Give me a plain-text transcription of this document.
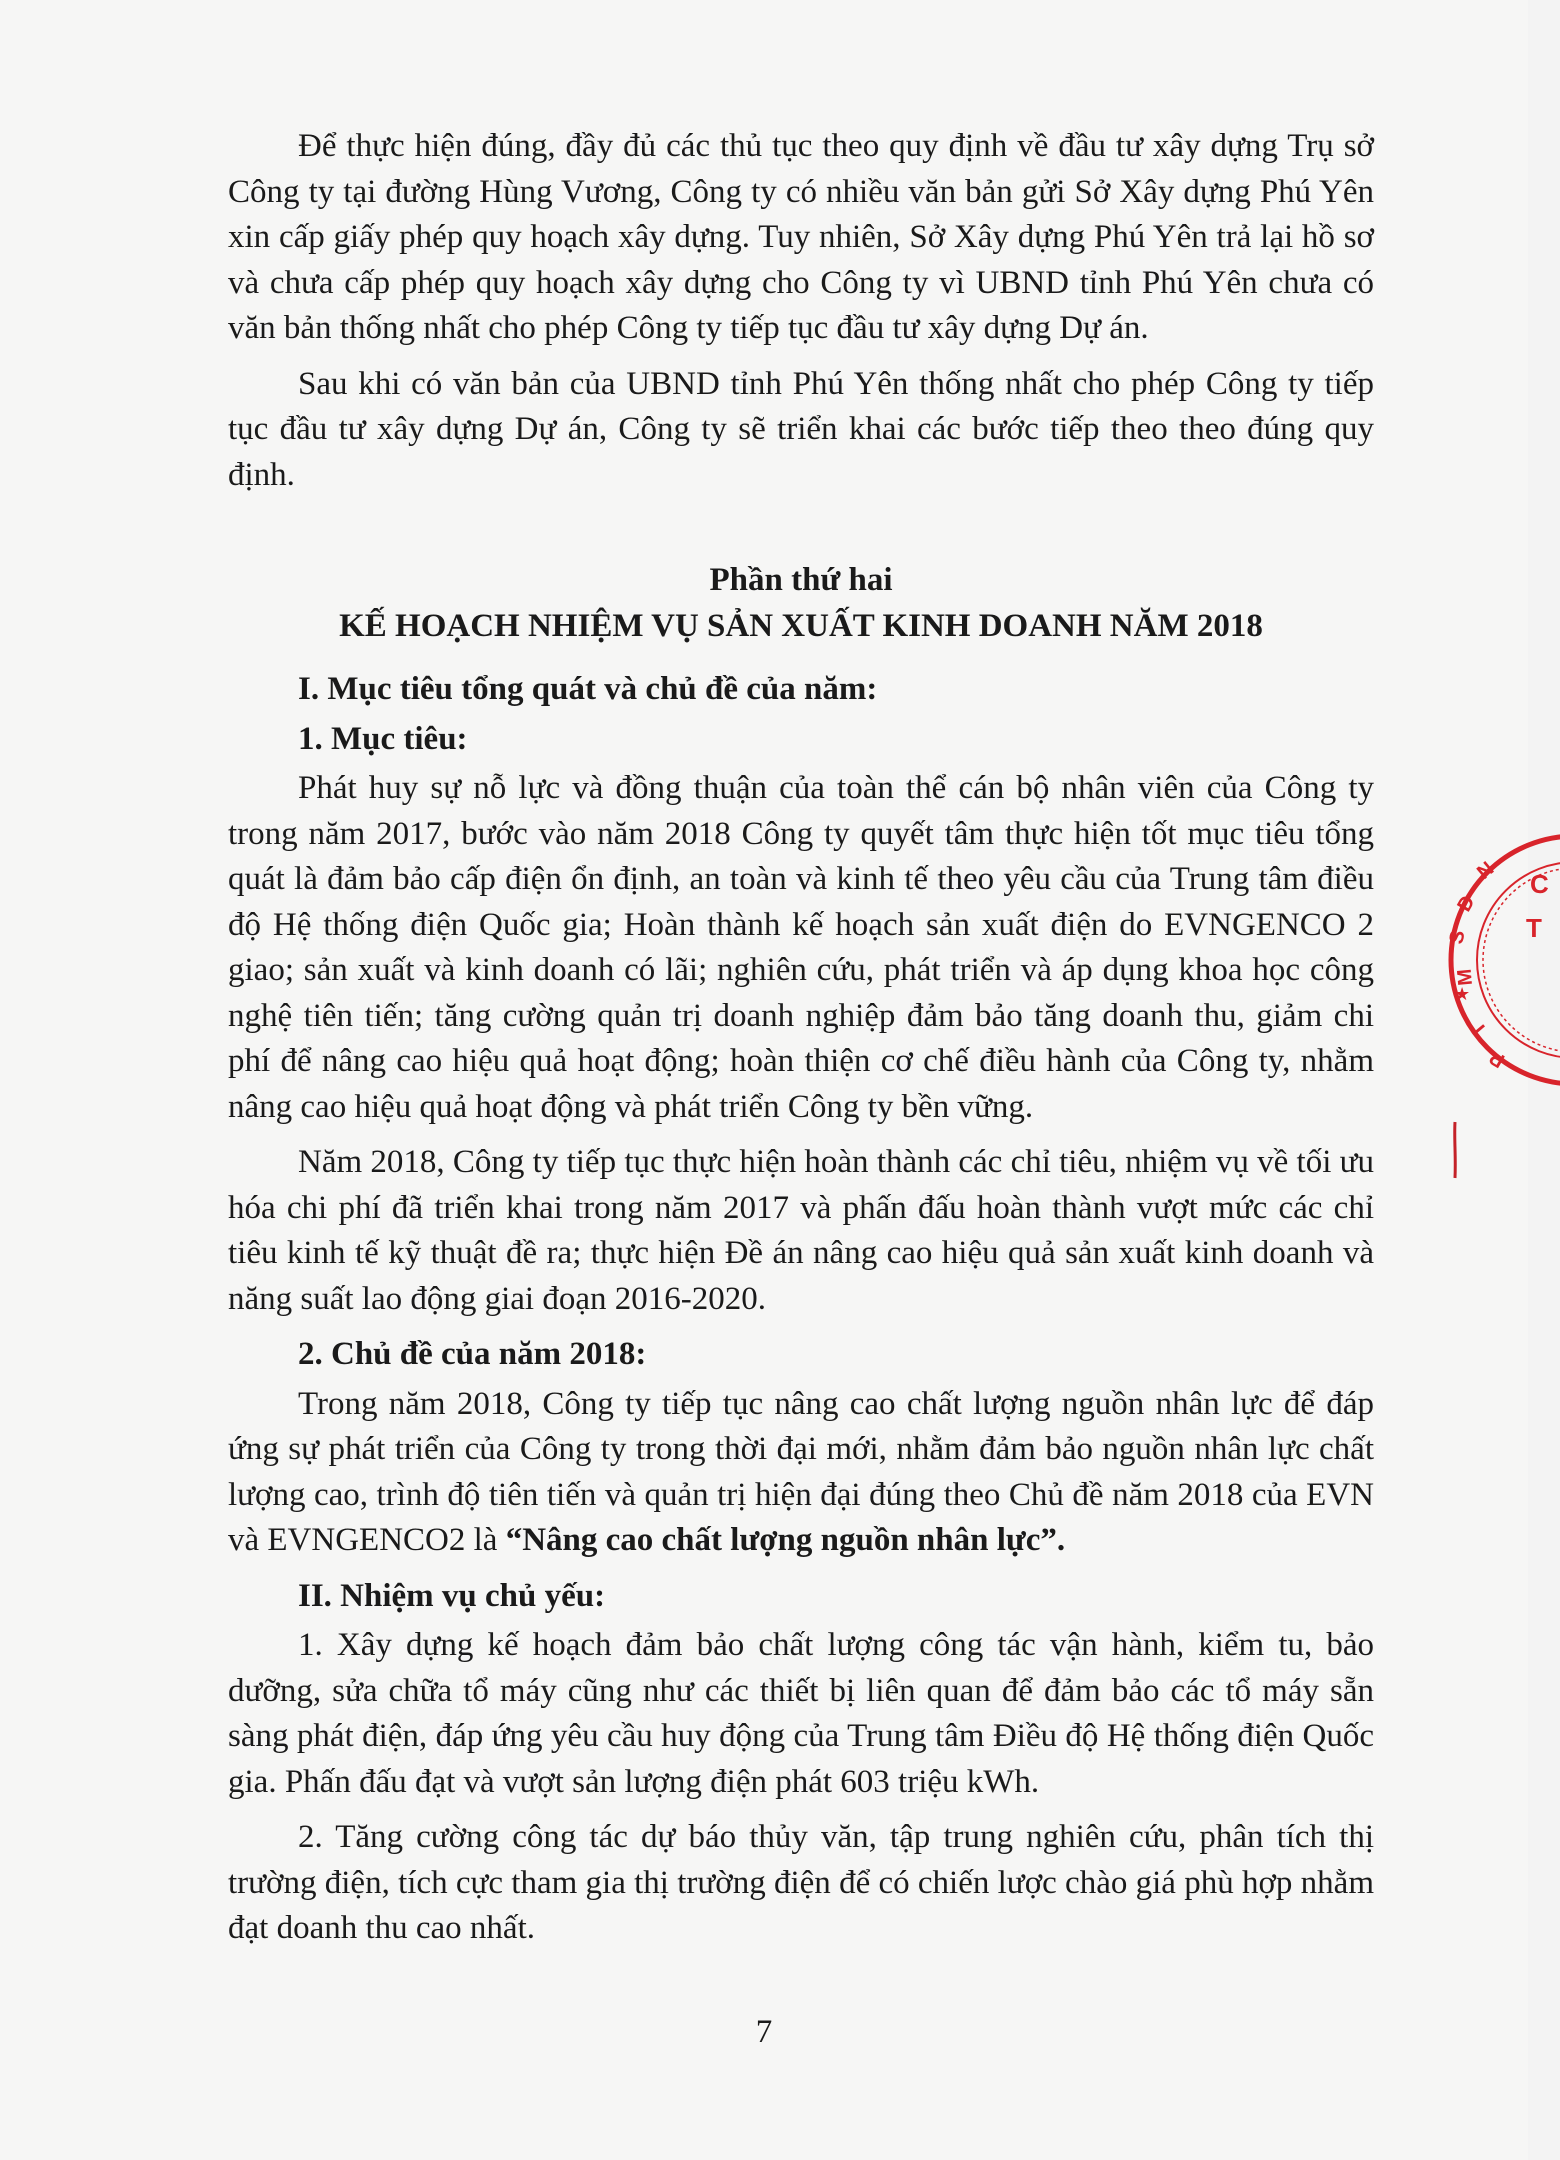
Để thực hiện đúng, đầy đủ các thủ tục theo quy định về đầu tư xây dựng Trụ sở Công ty tại đường Hùng Vương, Công ty có nhiều văn bản gửi Sở Xây dựng Phú Yên xin cấp giấy phép quy hoạch xây dựng. Tuy nhiên, Sở Xây dựng Phú Yên trả lại hồ sơ và chưa cấp phép quy hoạch xây dựng cho Công ty vì UBND tỉnh Phú Yên chưa có văn bản thống nhất cho phép Công ty tiếp tục đầu tư xây dựng Dự án.

Sau khi có văn bản của UBND tỉnh Phú Yên thống nhất cho phép Công ty tiếp tục đầu tư xây dựng Dự án, Công ty sẽ triển khai các bước tiếp theo theo đúng quy định.

Phần thứ hai

KẾ HOẠCH NHIỆM VỤ SẢN XUẤT KINH DOANH NĂM 2018

I. Mục tiêu tổng quát và chủ đề của năm:

1. Mục tiêu:

Phát huy sự nỗ lực và đồng thuận của toàn thể cán bộ nhân viên của Công ty trong năm 2017, bước vào năm 2018 Công ty quyết tâm thực hiện tốt mục tiêu tổng quát là đảm bảo cấp điện ổn định, an toàn và kinh tế theo yêu cầu của Trung tâm điều độ Hệ thống điện Quốc gia; Hoàn thành kế hoạch sản xuất điện do EVNGENCO 2 giao; sản xuất và kinh doanh có lãi; nghiên cứu, phát triển và áp dụng khoa học công nghệ tiên tiến; tăng cường quản trị doanh nghiệp đảm bảo tăng doanh thu, giảm chi phí để nâng cao hiệu quả hoạt động; hoàn thiện cơ chế điều hành của Công ty, nhằm nâng cao hiệu quả hoạt động và phát triển Công ty bền vững.

Năm 2018, Công ty tiếp tục thực hiện hoàn thành các chỉ tiêu, nhiệm vụ về tối ưu hóa chi phí đã triển khai trong năm 2017 và phấn đấu hoàn thành vượt mức các chỉ tiêu kinh tế kỹ thuật đề ra; thực hiện Đề án nâng cao hiệu quả sản xuất kinh doanh và năng suất lao động giai đoạn 2016-2020.

2. Chủ đề của năm 2018:

Trong năm 2018, Công ty tiếp tục nâng cao chất lượng nguồn nhân lực để đáp ứng sự phát triển của Công ty trong thời đại mới, nhằm đảm bảo nguồn nhân lực chất lượng cao, trình độ tiên tiến và quản trị hiện đại đúng theo Chủ đề năm 2018 của EVN và EVNGENCO2 là “Nâng cao chất lượng nguồn nhân lực”.

II. Nhiệm vụ chủ yếu:

1. Xây dựng kế hoạch đảm bảo chất lượng công tác vận hành, kiểm tu, bảo dưỡng, sửa chữa tổ máy cũng như các thiết bị liên quan để đảm bảo các tổ máy sẵn sàng phát điện, đáp ứng yêu cầu huy động của Trung tâm Điều độ Hệ thống điện Quốc gia. Phấn đấu đạt và vượt sản lượng điện phát 603 triệu kWh.

2. Tăng cường công tác dự báo thủy văn, tập trung nghiên cứu, phân tích thị trường điện, tích cực tham gia thị trường điện để có chiến lược chào giá phù hợp nhằm đạt doanh thu cao nhất.

7
N
D
S
M
T
P
C
T
★
